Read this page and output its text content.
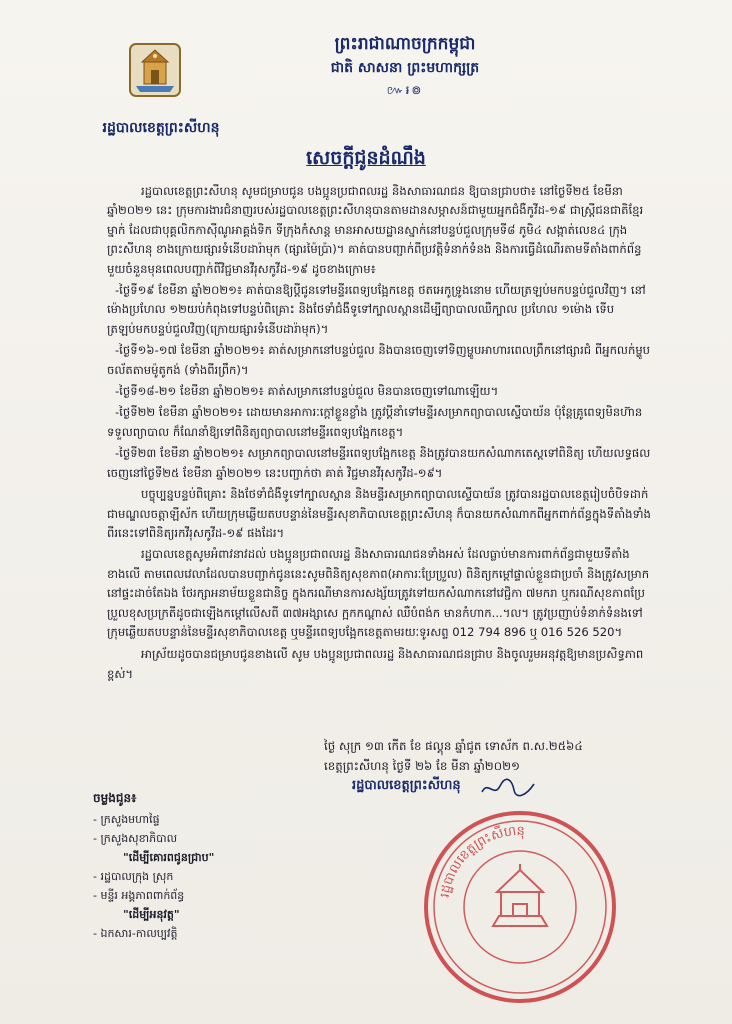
ព្រះរាជាណាចក្រកម្ពុជា
ជាតិ សាសនា ព្រះមហាក្សត្រ
៚៛៙
រដ្ឋបាលខេត្តព្រះសីហនុ
សេចក្តីជូនដំណឹង

រដ្ឋបាលខេត្តព្រះសីហនុ សូមជម្រាបជូន បងប្អូនប្រជាពលរដ្ឋ និងសាធារណជន ឱ្យបានជ្រាបថា៖ នៅថ្ងៃទី២៥ ខែមីនា ឆ្នាំ២០២១ នេះ ក្រុមការងារជំនាញរបស់រដ្ឋបាលខេត្តព្រះសីហនុបានតាមដានសម្ភាសន៍ជាមួយអ្នកជំងឺកូវីដ-១៩ ជាស្ត្រីជនជាតិខ្មែរម្នាក់ ដែលជាបុគ្គលិកកាស៊ីណូអាគ្គង់ទិក ទីក្រុងកំសាន្ត មានអាសយដ្ឋានស្នាក់នៅបន្ទប់ជួលក្រុមទី៨ ភូមិ៤ សង្កាត់លេខ៤ ក្រុងព្រះសីហនុ ខាងក្រោយផ្សារទំនើបដារ៉ាមុក (ផ្សារម៉ៃប្រ៉ា)។ គាត់បានបញ្ជាក់ពីប្រវត្តិទំនាក់ទំនង និងការធ្វើដំណើរតាមទីតាំងពាក់ព័ន្ធមួយចំនួនមុនពេលបញ្ជាក់ពីវិជ្ជមានវីរុសកូវីដ-១៩ ដូចខាងក្រោម៖

-ថ្ងៃទី១៩ ខែមីនា ឆ្នាំ២០២១៖ គាត់បានឱ្យប្តីជូនទៅមន្ទីរពេទ្យបង្អែកខេត្ត ថតអេកូទ្រូងនោម ហើយត្រឡប់មកបន្ទប់ជួលវិញ។ នៅម៉ោងប្រហែល ១២យប់កំពុងទៅបន្ទប់ពិគ្រោះ និងថែទាំជំងឺទូទៅក្បាលស្ពានដើម្បីព្យាបាលឈឺក្បាល ប្រហែល ១ម៉ោង ទើបត្រឡប់មកបន្ទប់ជួលវិញ(ក្រោយផ្សារទំនើបដារ៉ាមុក)។

-ថ្ងៃទី១៦-១៧ ខែមីនា ឆ្នាំ២០២១៖ គាត់សម្រាកនៅបន្ទប់ជួល និងបានចេញទៅទិញម្ហូបអាហារពេលព្រឹកនៅផ្សារជំ ពីអ្នកលក់ម្ហូបចល័តតាមម៉ូតូកង់ (ទាំងពីរព្រឹក)។

-ថ្ងៃទី១៨-២១ ខែមីនា ឆ្នាំ២០២១៖ គាត់សម្រាកនៅបន្ទប់ជួល មិនបានចេញទៅណាឡើយ។

-ថ្ងៃទី២២ ខែមីនា ឆ្នាំ២០២១៖ ដោយមានអាការៈក្តៅខ្លួនខ្លាំង ត្រូវប្តីនាំទៅមន្ទីរសម្រាកព្យាបាលស្ទើបាយ័ន ប៉ុន្តែគ្រូពេទ្យមិនហ៊ានទទួលព្យាបាល ក៏ណែនាំឱ្យទៅពិនិត្យព្យាបាលនៅមន្ទីរពេទ្យបង្អែកខេត្ត។

-ថ្ងៃទី២៣ ខែមីនា ឆ្នាំ២០២១៖ សម្រាកព្យាបាលនៅមន្ទីរពេទ្យបង្អែកខេត្ត និងត្រូវបានយកសំណាកតេស្តទៅពិនិត្យ ហើយលទ្ធផលចេញនៅថ្ងៃទី២៥ ខែមីនា ឆ្នាំ២០២១ នេះបញ្ជាក់ថា គាត់ វិជ្ជមានវីរុសកូវីដ-១៩។

បច្ចុប្បន្នបន្ទប់ពិគ្រោះ និងថែទាំជំងឺទូទៅក្បាលស្ពាន និងមន្ទីរសម្រាកព្យាបាលស្ទើបាយ័ន ត្រូវបានរដ្ឋបាលខេត្តរៀបចំបិទដាក់ជាមណ្ឌលចត្តាឡីស័ក ហើយក្រុមឆ្លើយតបបន្ទាន់នៃមន្ទីរសុខាភិបាលខេត្តព្រះសីហនុ ក៏បានយកសំណាកពីអ្នកពាក់ព័ន្ធក្នុងទីតាំងទាំងពីរនេះទៅពិនិត្យរកវីរុសកូវីដ-១៩ ផងដែរ។

រដ្ឋបាលខេត្តសូមអំពាវនាវដល់ បងប្អូនប្រជាពលរដ្ឋ និងសាធារណជនទាំងអស់ ដែលធ្លាប់មានការពាក់ព័ន្ធជាមួយទីតាំងខាងលើ តាមពេលវេលាដែលបានបញ្ជាក់ជូននេះសូមពិនិត្យសុខភាព(អាការៈប្រែប្រួល) ពិនិត្យកម្តៅផ្ទាល់ខ្លួនជាប្រចាំ និងត្រូវសម្រាកនៅផ្ទះដាច់តែឯង ថែរក្សាអនាម័យខ្លួនជានិច្ច ក្នុងករណីមានការសង្ស័យត្រូវទៅយកសំណាកនៅវេជ្ជិកា ៧មករា ឬករណីសុខភាពប្រែប្រួលខុសប្រក្រតីដូចជាឡើងកម្តៅលើសពី ៣៧អង្សាសេ ក្អកកណ្តាស់ ឈឺបំពង់ក មានកំហាក...។ល។ ត្រូវប្រញាប់ទំនាក់ទំនងទៅក្រុមឆ្លើយតបបន្ទាន់នៃមន្ទីរសុខាភិបាលខេត្ត ឬមន្ទីរពេទ្យបង្អែកខេត្តតាមរយៈទូរសព្ទ 012 794 896 ឬ 016 526 520។

អាស្រ័យដូចបានជម្រាបជូនខាងលើ សូម បងប្អូនប្រជាពលរដ្ឋ និងសាធារណជនជ្រាប និងចូលរួមអនុវត្តឱ្យមានប្រសិទ្ធភាពខ្ពស់។

ថ្ងៃ សុក្រ ១៣ កើត ខែ ផល្គុន ឆ្នាំជូត ទោស័ក ព.ស.២៥៦៤
ខេត្តព្រះសីហនុ ថ្ងៃទី ២៦ ខែ មីនា ឆ្នាំ២០២១
រដ្ឋបាលខេត្តព្រះសីហនុ
ចម្លងជូន៖
- ក្រសួងមហាផ្ទៃ
- ក្រសួងសុខាភិបាល
"ដើម្បីគោរពជូនជ្រាប"
- រដ្ឋបាលក្រុង ស្រុក
- មន្ទីរ អង្គភាពពាក់ព័ន្ធ
"ដើម្បីអនុវត្ត"
- ឯកសារ-កាលប្បវត្តិ
រដ្ឋបាលខេត្តព្រះសីហនុ
